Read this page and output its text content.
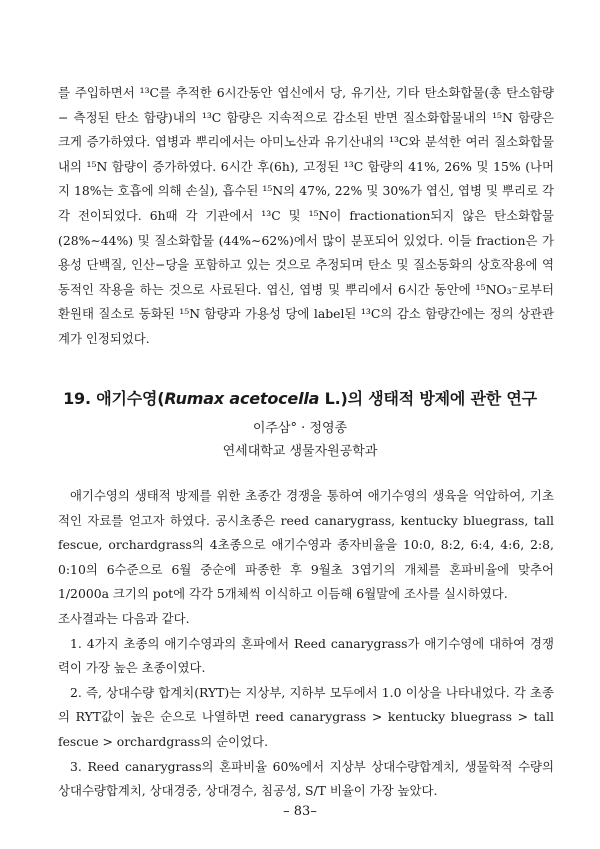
를 주입하면서 ¹³C를 추적한 6시간동안 엽신에서 당, 유기산, 기타 탄소화합물(총 탄소함량 − 측정된 탄소 함량)내의 ¹³C 함량은 지속적으로 감소된 반면 질소화합물내의 ¹⁵N 함량은 크게 증가하였다. 엽병과 뿌리에서는 아미노산과 유기산내의 ¹³C와 분석한 여러 질소화합물내의 ¹⁵N 함량이 증가하였다. 6시간 후(6h), 고정된 ¹³C 함량의 41%, 26% 및 15% (나머지 18%는 호흡에 의해 손실), 흡수된 ¹⁵N의 47%, 22% 및 30%가 엽신, 엽병 및 뿌리로 각각 전이되었다. 6h때 각 기관에서 ¹³C 및 ¹⁵N이 fractionation되지 않은 탄소화합물 (28%∼44%) 및 질소화합물 (44%∼62%)에서 많이 분포되어 있었다. 이들 fraction은 가용성 단백질, 인산−당을 포함하고 있는 것으로 추정되며 탄소 및 질소동화의 상호작용에 역동적인 작용을 하는 것으로 사료된다. 엽신, 엽병 및 뿌리에서 6시간 동안에 ¹⁵NO₃⁻로부터 환원태 질소로 동화된 ¹⁵N 함량과 가용성 당에 label된 ¹³C의 감소 함량간에는 정의 상관관계가 인정되었다.

19. 애기수영(Rumax acetocella L.)의 생태적 방제에 관한 연구

이주삼° · 정영종

연세대학교 생물자원공학과

애기수영의 생태적 방제를 위한 초종간 경쟁을 통하여 애기수영의 생육을 억압하여, 기초적인 자료를 얻고자 하였다. 공시초종은 reed canarygrass, kentucky bluegrass, tall fescue, orchardgrass의 4초종으로 애기수영과 종자비율을 10:0, 8:2, 6:4, 4:6, 2:8, 0:10의 6수준으로 6월 중순에 파종한 후 9월초 3엽기의 개체를 혼파비율에 맞추어 1/2000a 크기의 pot에 각각 5개체씩 이식하고 이듬해 6월말에 조사를 실시하였다.

조사결과는 다음과 같다.

1. 4가지 초종의 애기수영과의 혼파에서 Reed canarygrass가 애기수영에 대하여 경쟁력이 가장 높은 초종이였다.

2. 즉, 상대수량 합계치(RYT)는 지상부, 지하부 모두에서 1.0 이상을 나타내었다. 각 초종의 RYT값이 높은 순으로 나열하면 reed canarygrass > kentucky bluegrass > tall fescue > orchardgrass의 순이었다.

3. Reed canarygrass의 혼파비율 60%에서 지상부 상대수량합계치, 생물학적 수량의 상대수량합계치, 상대경중, 상대경수, 침공성, S/T 비율이 가장 높았다.

– 83–
